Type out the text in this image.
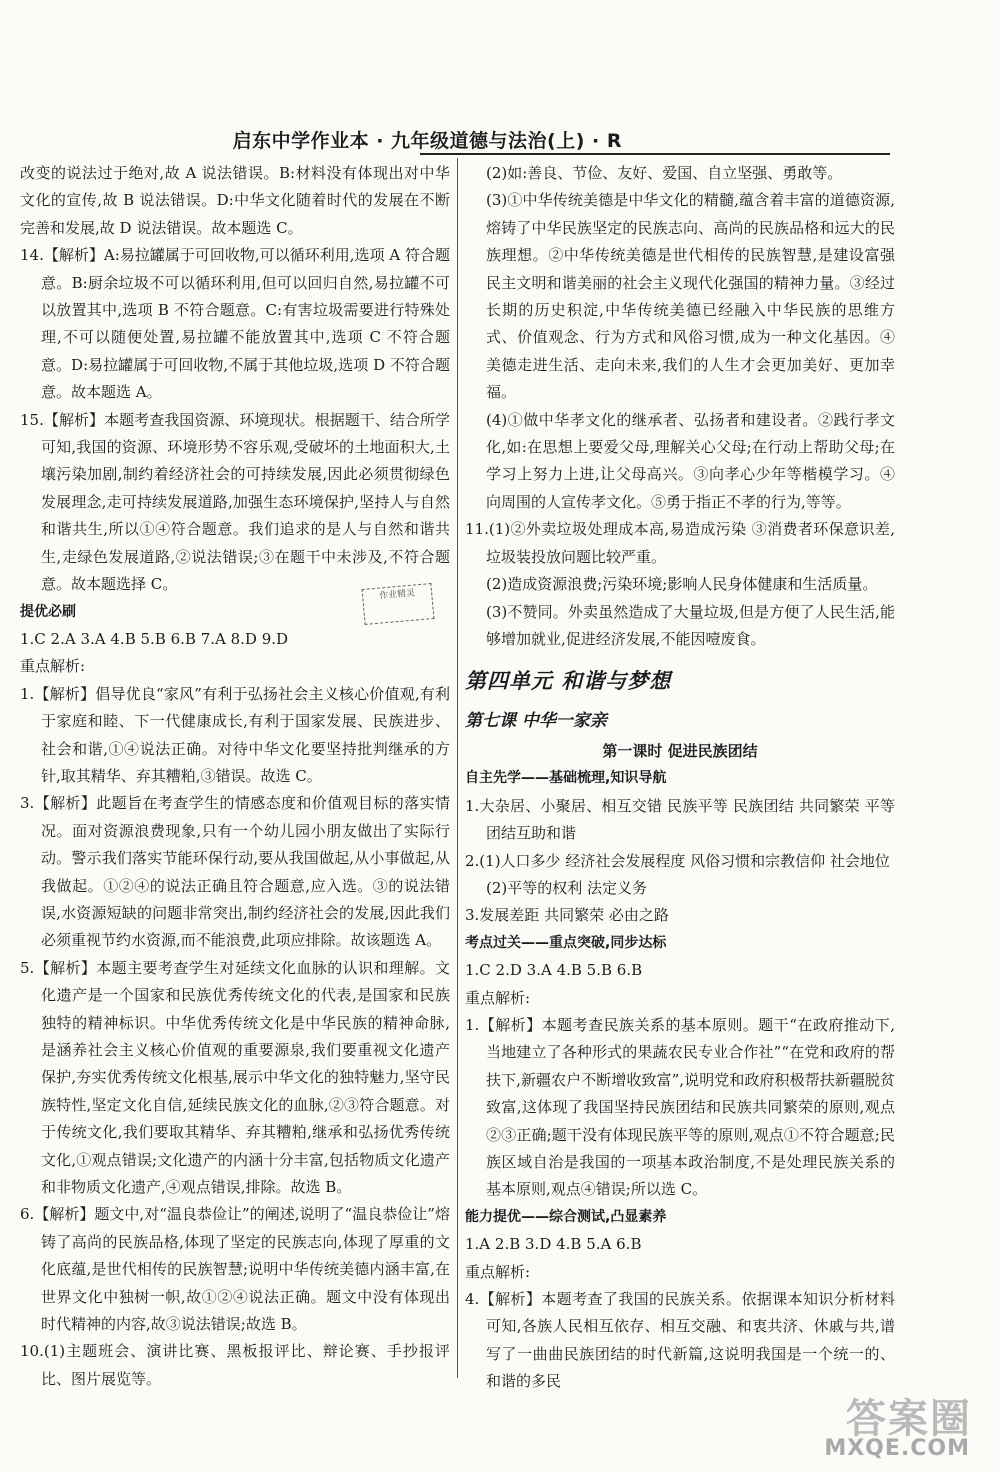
启东中学作业本 · 九年级道德与法治(上) · R

改变的说法过于绝对,故 A 说法错误。B:材料没有体现出对中华文化的宣传,故 B 说法错误。D:中华文化随着时代的发展在不断完善和发展,故 D 说法错误。故本题选 C。

14.【解析】A:易拉罐属于可回收物,可以循环利用,选项 A 符合题意。B:厨余垃圾不可以循环利用,但可以回归自然,易拉罐不可以放置其中,选项 B 不符合题意。C:有害垃圾需要进行特殊处理,不可以随便处置,易拉罐不能放置其中,选项 C 不符合题意。D:易拉罐属于可回收物,不属于其他垃圾,选项 D 不符合题意。故本题选 A。

15.【解析】本题考查我国资源、环境现状。根据题干、结合所学可知,我国的资源、环境形势不容乐观,受破坏的土地面积大,土壤污染加剧,制约着经济社会的可持续发展,因此必须贯彻绿色发展理念,走可持续发展道路,加强生态环境保护,坚持人与自然和谐共生,所以①④符合题意。我们追求的是人与自然和谐共生,走绿色发展道路,②说法错误;③在题干中未涉及,不符合题意。故本题选择 C。

提优必刷

1.C 2.A 3.A 4.B 5.B 6.B 7.A 8.D 9.D

重点解析:

1.【解析】倡导优良“家风”有利于弘扬社会主义核心价值观,有利于家庭和睦、下一代健康成长,有利于国家发展、民族进步、社会和谐,①④说法正确。对待中华文化要坚持批判继承的方针,取其精华、弃其糟粕,③错误。故选 C。

3.【解析】此题旨在考查学生的情感态度和价值观目标的落实情况。面对资源浪费现象,只有一个幼儿园小朋友做出了实际行动。警示我们落实节能环保行动,要从我国做起,从小事做起,从我做起。①②④的说法正确且符合题意,应入选。③的说法错误,水资源短缺的问题非常突出,制约经济社会的发展,因此我们必须重视节约水资源,而不能浪费,此项应排除。故该题选 A。

5.【解析】本题主要考查学生对延续文化血脉的认识和理解。文化遗产是一个国家和民族优秀传统文化的代表,是国家和民族独特的精神标识。中华优秀传统文化是中华民族的精神命脉,是涵养社会主义核心价值观的重要源泉,我们要重视文化遗产保护,夯实优秀传统文化根基,展示中华文化的独特魅力,坚守民族特性,坚定文化自信,延续民族文化的血脉,②③符合题意。对于传统文化,我们要取其精华、弃其糟粕,继承和弘扬优秀传统文化,①观点错误;文化遗产的内涵十分丰富,包括物质文化遗产和非物质文化遗产,④观点错误,排除。故选 B。

6.【解析】题文中,对“温良恭俭让”的阐述,说明了“温良恭俭让”熔铸了高尚的民族品格,体现了坚定的民族志向,体现了厚重的文化底蕴,是世代相传的民族智慧;说明中华传统美德内涵丰富,在世界文化中独树一帜,故①②④说法正确。题文中没有体现出时代精神的内容,故③说法错误;故选 B。

10.(1)主题班会、演讲比赛、黑板报评比、辩论赛、手抄报评比、图片展览等。

(2)如:善良、节俭、友好、爱国、自立坚强、勇敢等。

(3)①中华传统美德是中华文化的精髓,蕴含着丰富的道德资源,熔铸了中华民族坚定的民族志向、高尚的民族品格和远大的民族理想。②中华传统美德是世代相传的民族智慧,是建设富强民主文明和谐美丽的社会主义现代化强国的精神力量。③经过长期的历史积淀,中华传统美德已经融入中华民族的思维方式、价值观念、行为方式和风俗习惯,成为一种文化基因。④美德走进生活、走向未来,我们的人生才会更加美好、更加幸福。

(4)①做中华孝文化的继承者、弘扬者和建设者。②践行孝文化,如:在思想上要爱父母,理解关心父母;在行动上帮助父母;在学习上努力上进,让父母高兴。③向孝心少年等楷模学习。④向周围的人宣传孝文化。⑤勇于指正不孝的行为,等等。

11.(1)②外卖垃圾处理成本高,易造成污染 ③消费者环保意识差,垃圾装投放问题比较严重。

(2)造成资源浪费;污染环境;影响人民身体健康和生活质量。

(3)不赞同。外卖虽然造成了大量垃圾,但是方便了人民生活,能够增加就业,促进经济发展,不能因噎废食。

第四单元 和谐与梦想

第七课 中华一家亲

第一课时 促进民族团结

自主先学——基础梳理,知识导航

1.大杂居、小聚居、相互交错 民族平等 民族团结 共同繁荣 平等团结互助和谐

2.(1)人口多少 经济社会发展程度 风俗习惯和宗教信仰 社会地位

(2)平等的权利 法定义务

3.发展差距 共同繁荣 必由之路

考点过关——重点突破,同步达标

1.C 2.D 3.A 4.B 5.B 6.B

重点解析:

1.【解析】本题考查民族关系的基本原则。题干“在政府推动下,当地建立了各种形式的果蔬农民专业合作社”“在党和政府的帮扶下,新疆农户不断增收致富”,说明党和政府积极帮扶新疆脱贫致富,这体现了我国坚持民族团结和民族共同繁荣的原则,观点②③正确;题干没有体现民族平等的原则,观点①不符合题意;民族区域自治是我国的一项基本政治制度,不是处理民族关系的基本原则,观点④错误;所以选 C。

能力提优——综合测试,凸显素养

1.A 2.B 3.D 4.B 5.A 6.B

重点解析:

4.【解析】本题考查了我国的民族关系。依据课本知识分析材料可知,各族人民相互依存、相互交融、和衷共济、休戚与共,谱写了一曲曲民族团结的时代新篇,这说明我国是一个统一的、和谐的多民

作业精灵
答案圈
MXQE.COM
